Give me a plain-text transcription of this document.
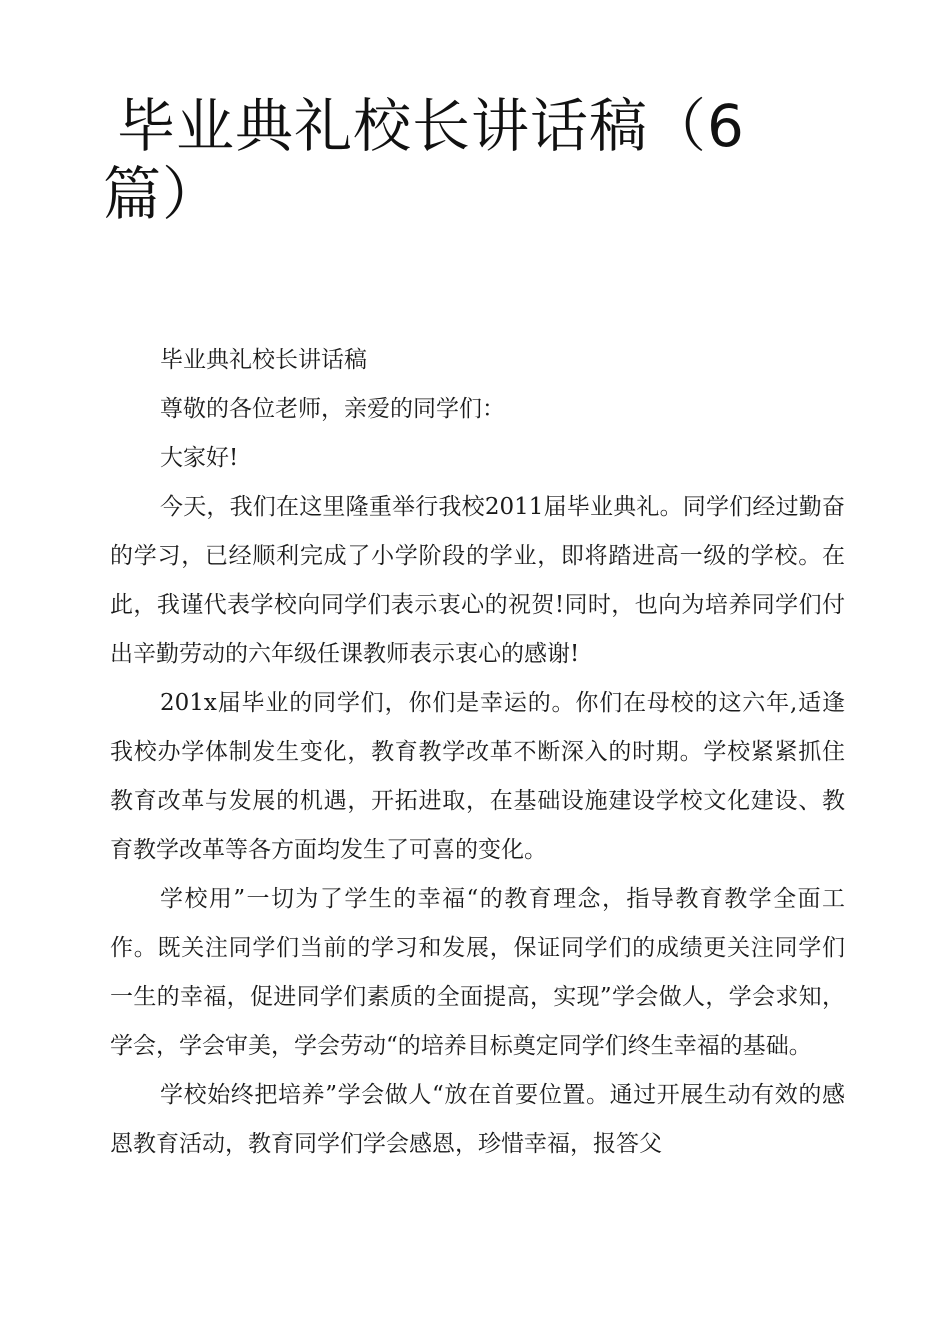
毕业典礼校长讲话稿（6
篇）

毕业典礼校长讲话稿

尊敬的各位老师，亲爱的同学们：

大家好!

今天，我们在这里隆重举行我校2011届毕业典礼。同学们经过勤奋的学习，已经顺利完成了小学阶段的学业，即将踏进高一级的学校。在此，我谨代表学校向同学们表示衷心的祝贺!同时，也向为培养同学们付出辛勤劳动的六年级任课教师表示衷心的感谢!

201x届毕业的同学们，你们是幸运的。你们在母校的这六年,适逢我校办学体制发生变化，教育教学改革不断深入的时期。学校紧紧抓住教育改革与发展的机遇，开拓进取，在基础设施建设学校文化建设、教育教学改革等各方面均发生了可喜的变化。

学校用”一切为了学生的幸福“的教育理念，指导教育教学全面工作。既关注同学们当前的学习和发展，保证同学们的成绩更关注同学们一生的幸福，促进同学们素质的全面提高，实现”学会做人，学会求知，学会，学会审美，学会劳动“的培养目标奠定同学们终生幸福的基础。

学校始终把培养”学会做人“放在首要位置。通过开展生动有效的感恩教育活动，教育同学们学会感恩，珍惜幸福，报答父
